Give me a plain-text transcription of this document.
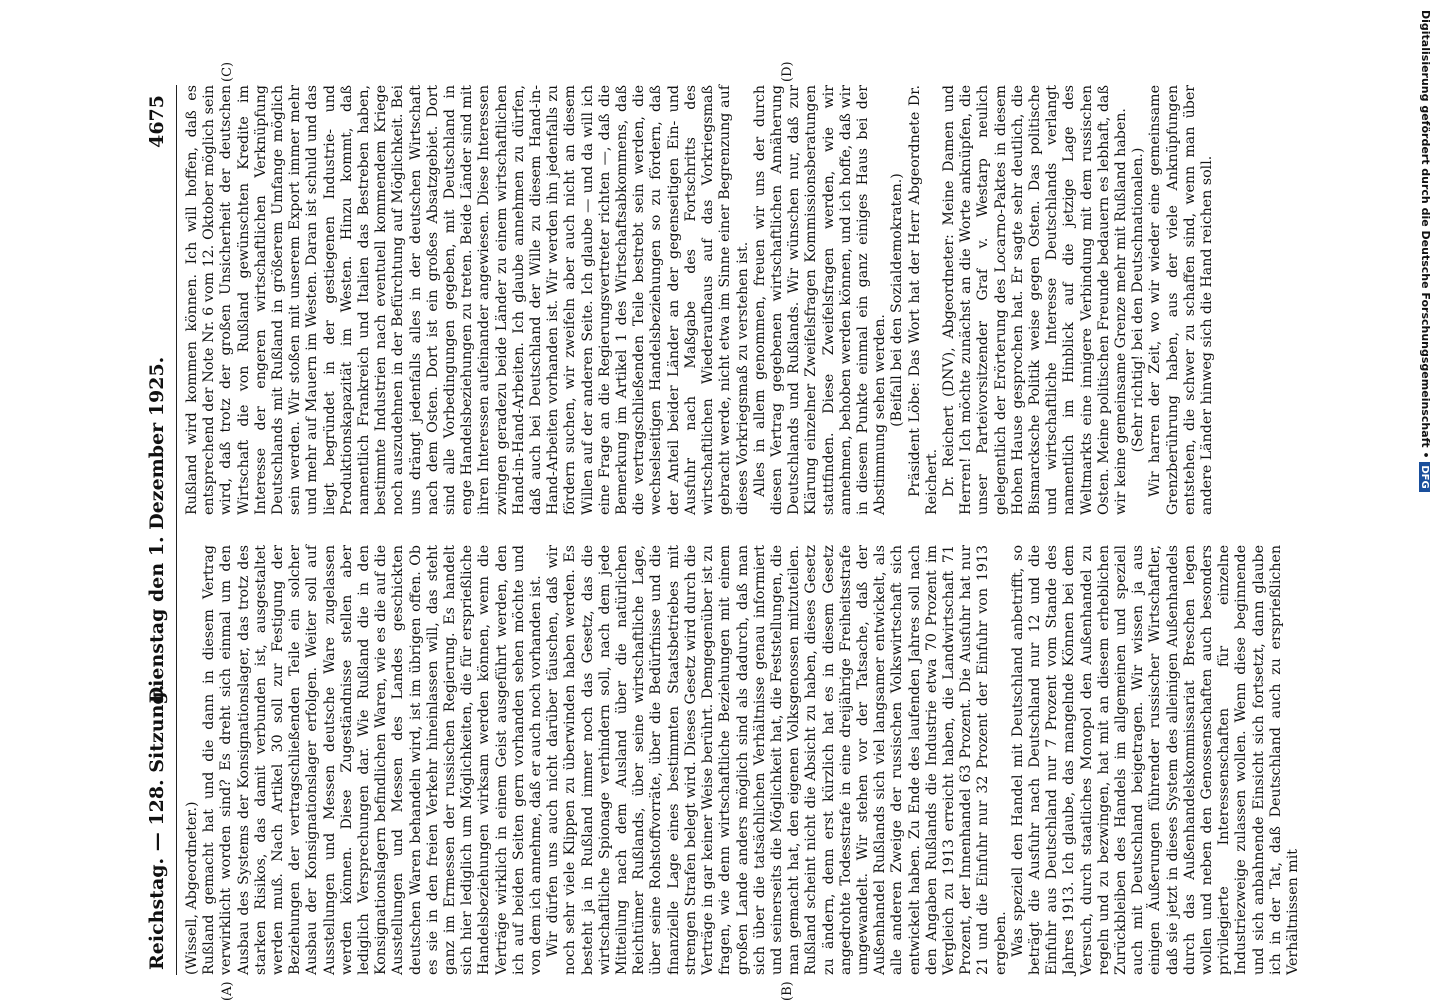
Reichstag. — 128. Sitzung.
Dienstag den 1. Dezember 1925.
4675

(Wissell, Abgeordneter.) Rußland gemacht hat und die dann in diesem Vertrag verwirklicht worden sind? Es dreht sich einmal um den Ausbau des Systems der Konsignationslager, das trotz des starken Risikos, das damit verbunden ist, ausgestaltet werden muß. Nach Artikel 30 soll zur Festigung der Beziehungen der vertragschließenden Teile ein solcher Ausbau der Konsignationslager erfolgen. Weiter soll auf Ausstellungen und Messen deutsche Ware zugelassen werden können. Diese Zugeständnisse stellen aber lediglich Versprechungen dar. Wie Rußland die in den Konsignationslagern befindlichen Waren, wie es die auf die Ausstellungen und Messen des Landes geschickten deutschen Waren behandeln wird, ist im übrigen offen. Ob es sie in den freien Verkehr hineinlassen will, das steht ganz im Ermessen der russischen Regierung. Es handelt sich hier lediglich um Möglichkeiten, die für ersprießliche Handelsbeziehungen wirksam werden können, wenn die Verträge wirklich in einem Geist ausgeführt werden, den ich auf beiden Seiten gern vorhanden sehen möchte und von dem ich annehme, daß er auch noch vorhanden ist. Wir dürfen uns auch nicht darüber täuschen, daß wir noch sehr viele Klippen zu überwinden haben werden. Es besteht ja in Rußland immer noch das Gesetz, das die wirtschaftliche Spionage verhindern soll, nach dem jede Mitteilung nach dem Ausland über die natürlichen Reichtümer Rußlands, über seine wirtschaftliche Lage, über seine Rohstoffvorräte, über die Bedürfnisse und die finanzielle Lage eines bestimmten Staatsbetriebes mit strengen Strafen belegt wird. Dieses Gesetz wird durch die Verträge in gar keiner Weise berührt. Demgegenüber ist zu fragen, wie denn wirtschaftliche Beziehungen mit einem großen Lande anders möglich sind als dadurch, daß man sich über die tatsächlichen Verhältnisse genau informiert und seinerseits die Möglichkeit hat, die Feststellungen, die man gemacht hat, den eigenen Volksgenossen mitzuteilen. Rußland scheint nicht die Absicht zu haben, dieses Gesetz zu ändern, denn erst kürzlich hat es in diesem Gesetz angedrohte Todesstrafe in eine dreijährige Freiheitsstrafe umgewandelt. Wir stehen vor der Tatsache, daß der Außenhandel Rußlands sich viel langsamer entwickelt, als alle anderen Zweige der russischen Volkswirtschaft sich entwickelt haben. Zu Ende des laufenden Jahres soll nach den Angaben Rußlands die Industrie etwa 70 Prozent im Vergleich zu 1913 erreicht haben, die Landwirtschaft 71 Prozent, der Innenhandel 63 Prozent. Die Ausfuhr hat nur 21 und die Einfuhr nur 32 Prozent der Einfuhr von 1913 ergeben. Was speziell den Handel mit Deutschland anbetrifft, so beträgt die Ausfuhr nach Deutschland nur 12 und die Einfuhr aus Deutschland nur 7 Prozent vom Stande des Jahres 1913. Ich glaube, das mangelnde Können bei dem Versuch, durch staatliches Monopol den Außenhandel zu regeln und zu bezwingen, hat mit an diesem erheblichen Zurückbleiben des Handels im allgemeinen und speziell auch mit Deutschland beigetragen. Wir wissen ja aus einigen Äußerungen führender russischer Wirtschaftler, daß sie jetzt in dieses System des alleinigen Außenhandels durch das Außenhandelskommissariat Breschen legen wollen und neben den Genossenschaften auch besonders privilegierte Interessenschaften für einzelne Industriezweige zulassen wollen. Wenn diese beginnende und sich anbahnende Einsicht sich fortsetzt, dann glaube ich in der Tat, daß Deutschland auch zu ersprießlichen Verhältnissen mit

Rußland wird kommen können. Ich will hoffen, daß es entsprechend der Note Nr. 6 vom 12. Oktober möglich sein wird, daß trotz der großen Unsicherheit der deutschen Wirtschaft die von Rußland gewünschten Kredite im Interesse der engeren wirtschaftlichen Verknüpfung Deutschlands mit Rußland in größerem Umfange möglich sein werden. Wir stoßen mit unserem Export immer mehr und mehr auf Mauern im Westen. Daran ist schuld und das liegt begründet in der gestiegenen Industrie- und Produktionskapazität im Westen. Hinzu kommt, daß namentlich Frankreich und Italien das Bestreben haben, bestimmte Industrien nach eventuell kommendem Kriege noch auszudehnen in der Befürchtung auf Möglichkeit. Bei uns drängt jedenfalls alles in der deutschen Wirtschaft nach dem Osten. Dort ist ein großes Absatzgebiet. Dort sind alle Vorbedingungen gegeben, mit Deutschland in enge Handelsbeziehungen zu treten. Beide Länder sind mit ihren Interessen aufeinander angewiesen. Diese Interessen zwingen geradezu beide Länder zu einem wirtschaftlichen Hand-in-Hand-Arbeiten. Ich glaube annehmen zu dürfen, daß auch bei Deutschland der Wille zu diesem Hand-in-Hand-Arbeiten vorhanden ist. Wir werden ihn jedenfalls zu fördern suchen, wir zweifeln aber auch nicht an diesem Willen auf der anderen Seite. Ich glaube — und da will ich eine Frage an die Regierungsvertreter richten —, daß die Bemerkung im Artikel 1 des Wirtschaftsabkommens, daß die vertragschließenden Teile bestrebt sein werden, die wechselseitigen Handelsbeziehungen so zu fördern, daß der Anteil beider Länder an der gegenseitigen Ein- und Ausfuhr nach Maßgabe des Fortschritts des wirtschaftlichen Wiederaufbaus auf das Vorkriegsmaß gebracht werde, nicht etwa im Sinne einer Begrenzung auf dieses Vorkriegsmaß zu verstehen ist. Alles in allem genommen, freuen wir uns der durch diesen Vertrag gegebenen wirtschaftlichen Annäherung Deutschlands und Rußlands. Wir wünschen nur, daß zur Klärung einzelner Zweifelsfragen Kommissionsberatungen stattfinden. Diese Zweifelsfragen werden, wie wir annehmen, behoben werden können, und ich hoffe, daß wir in diesem Punkte einmal ein ganz einiges Haus bei der Abstimmung sehen werden. (Beifall bei den Sozialdemokraten.) Präsident Löbe: Das Wort hat der Herr Abgeordnete Dr. Reichert. Dr. Reichert (DNV), Abgeordneter: Meine Damen und Herren! Ich möchte zunächst an die Worte anknüpfen, die unser Parteivorsitzender Graf v. Westarp neulich gelegentlich der Erörterung des Locarno-Paktes in diesem Hohen Hause gesprochen hat. Er sagte sehr deutlich, die Bismarcksche Politik weise gegen Osten. Das politische und wirtschaftliche Interesse Deutschlands verlangt namentlich im Hinblick auf die jetzige Lage des Weltmarkts eine innigere Verbindung mit dem russischen Osten. Meine politischen Freunde bedauern es lebhaft, daß wir keine gemeinsame Grenze mehr mit Rußland haben. (Sehr richtig! bei den Deutschnationalen.) Wir harren der Zeit, wo wir wieder eine gemeinsame Grenzberührung haben, aus der viele Anknüpfungen entstehen, die schwer zu schaffen sind, wenn man über andere Länder hinweg sich die Hand reichen soll.

(A)	(B)
(C)	(D)	Digitalisierung gefördert durch die Deutsche Forschungsgemeinschaft • DFG
